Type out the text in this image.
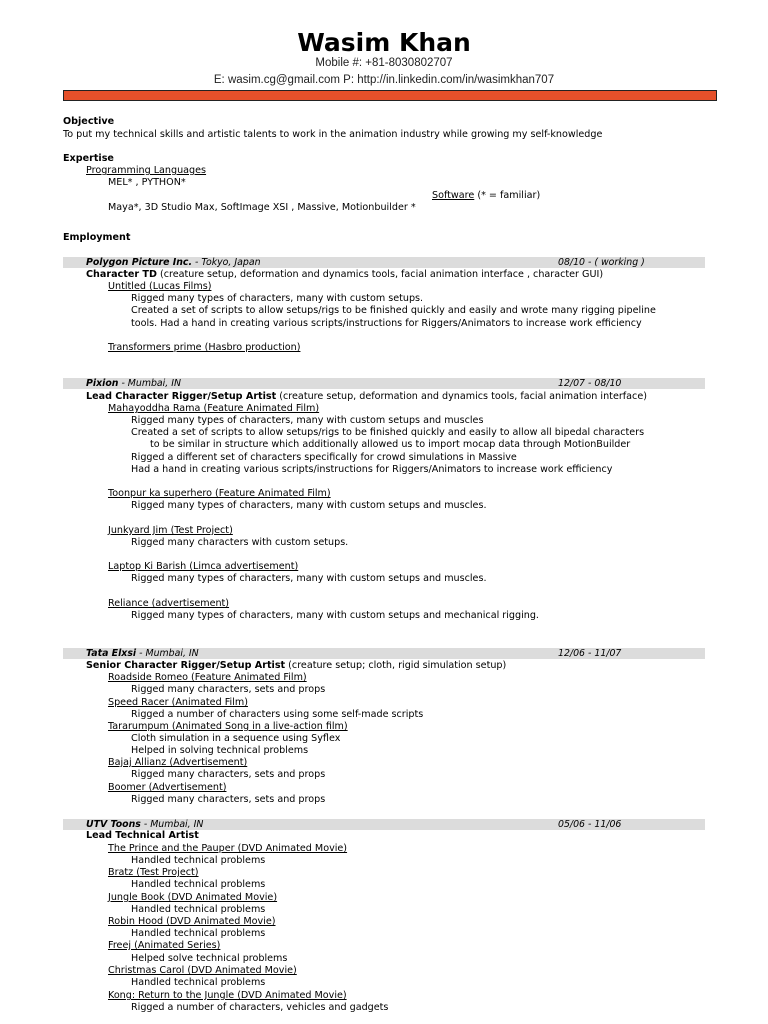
Wasim Khan
Mobile #: +81-8030802707
E: wasim.cg@gmail.com P: http://in.linkedin.com/in/wasimkhan707
Objective
To put my technical skills and artistic talents to work in the animation industry while growing my self-knowledge
Expertise
Programming Languages
MEL* , PYTHON*
Software (* = familiar)
Maya*, 3D Studio Max, SoftImage XSI , Massive, Motionbuilder *
Employment
Polygon Picture Inc. - Tokyo, Japan	08/10 - ( working )
Character TD (creature setup, deformation and dynamics tools, facial animation interface , character GUI)
Untitled (Lucas Films)
Rigged many types of characters, many with custom setups.
Created a set of scripts to allow setups/rigs to be finished quickly and easily and wrote many rigging pipeline
tools. Had a hand in creating various scripts/instructions for Riggers/Animators to increase work efficiency
Transformers prime (Hasbro production)
Pixion - Mumbai, IN	12/07 - 08/10
Lead Character Rigger/Setup Artist (creature setup, deformation and dynamics tools, facial animation interface)
Mahayoddha Rama (Feature Animated Film)
Rigged many types of characters, many with custom setups and muscles
Created a set of scripts to allow setups/rigs to be finished quickly and easily to allow all bipedal characters
to be similar in structure which additionally allowed us to import mocap data through MotionBuilder
Rigged a different set of characters specifically for crowd simulations in Massive
Had a hand in creating various scripts/instructions for Riggers/Animators to increase work efficiency
Toonpur ka superhero (Feature Animated Film)
Rigged many types of characters, many with custom setups and muscles.
Junkyard Jim (Test Project)
Rigged many characters with custom setups.
Laptop Ki Barish (Limca advertisement)
Rigged many types of characters, many with custom setups and muscles.
Reliance (advertisement)
Rigged many types of characters, many with custom setups and mechanical rigging.
Tata Elxsi - Mumbai, IN	12/06 - 11/07
Senior Character Rigger/Setup Artist (creature setup; cloth, rigid simulation setup)
Roadside Romeo (Feature Animated Film)
Rigged many characters, sets and props
Speed Racer (Animated Film)
Rigged a number of characters using some self-made scripts
Tararumpum (Animated Song in a live-action film)
Cloth simulation in a sequence using Syflex
Helped in solving technical problems
Bajaj Allianz (Advertisement)
Rigged many characters, sets and props
Boomer (Advertisement)
Rigged many characters, sets and props
UTV Toons - Mumbai, IN	05/06 - 11/06
Lead Technical Artist
The Prince and the Pauper (DVD Animated Movie)
Handled technical problems
Bratz (Test Project)
Handled technical problems
Jungle Book (DVD Animated Movie)
Handled technical problems
Robin Hood (DVD Animated Movie)
Handled technical problems
Freej (Animated Series)
Helped solve technical problems
Christmas Carol (DVD Animated Movie)
Handled technical problems
Kong: Return to the Jungle (DVD Animated Movie)
Rigged a number of characters, vehicles and gadgets
